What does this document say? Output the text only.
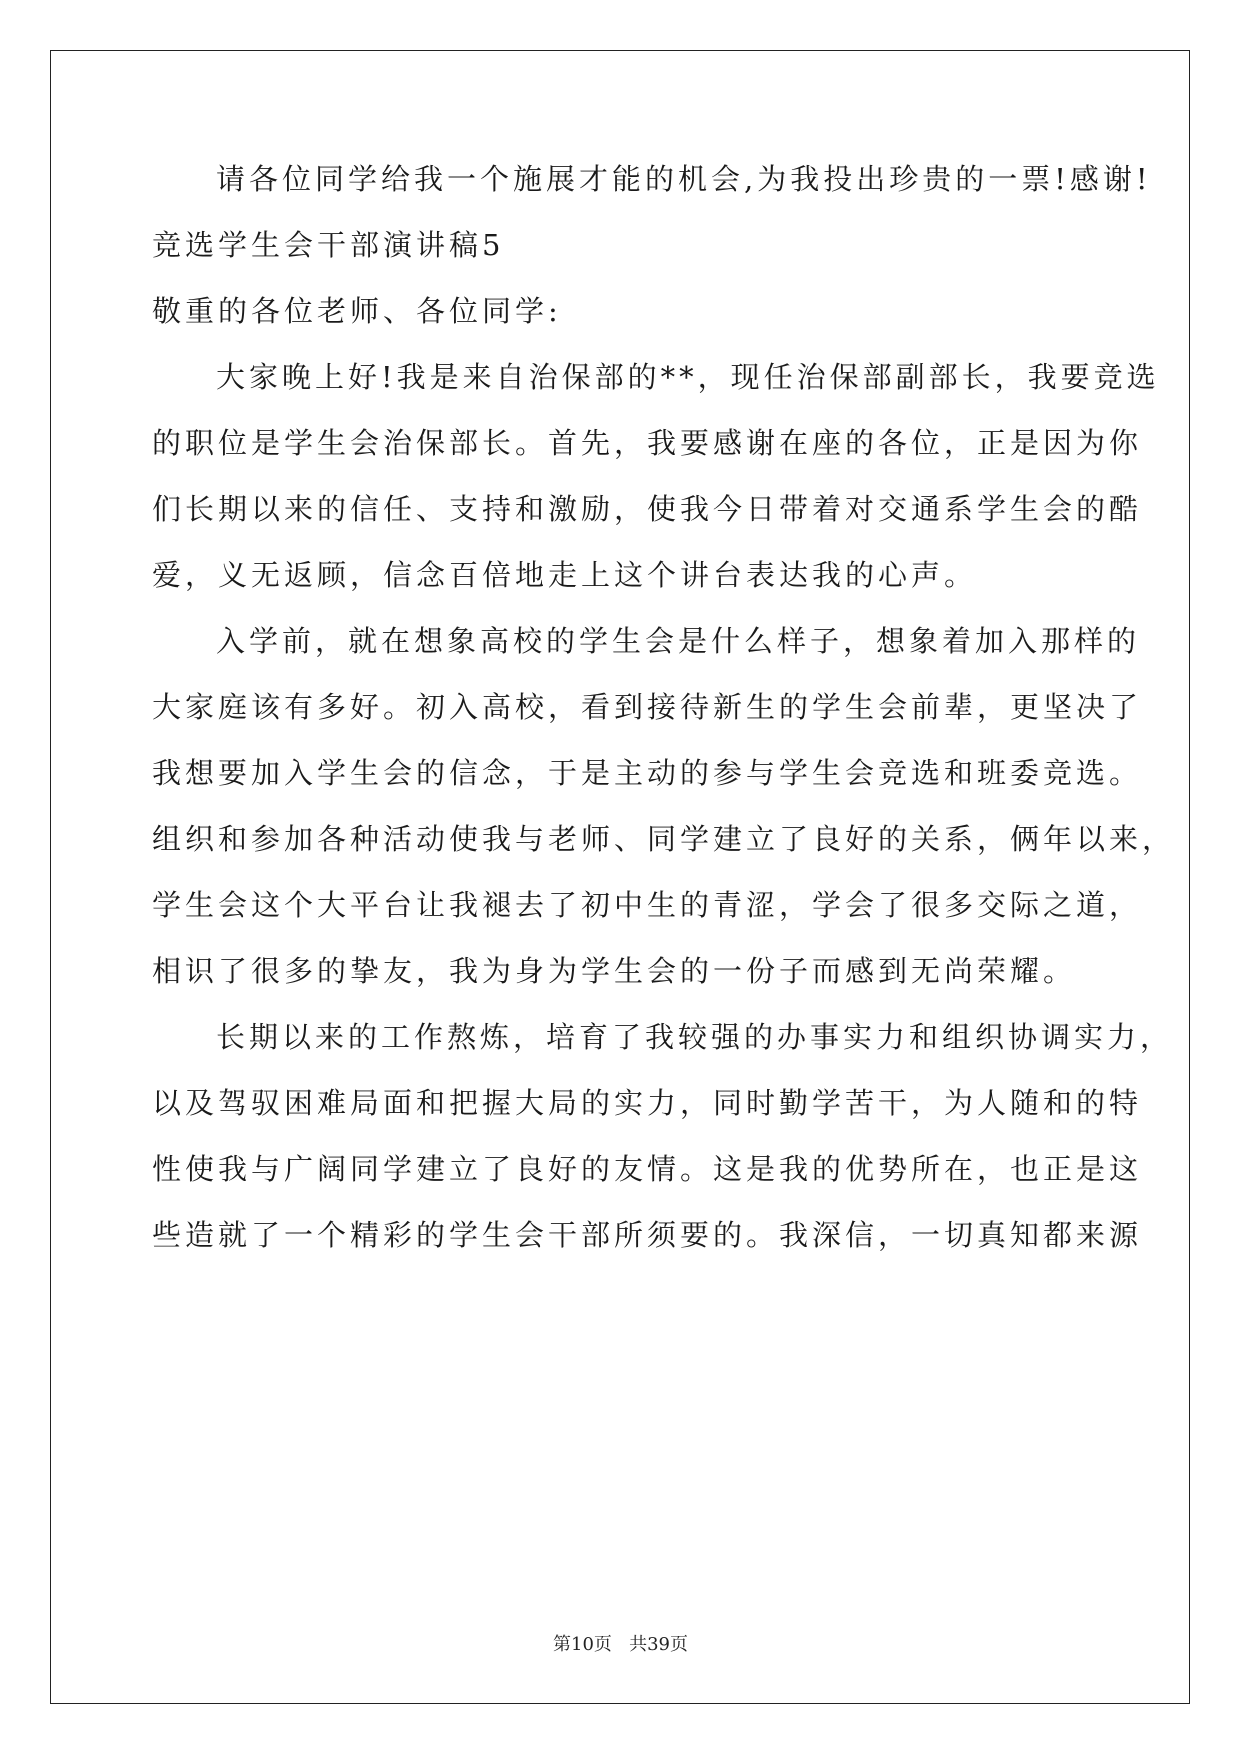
请各位同学给我一个施展才能的机会,为我投出珍贵的一票!感谢!

竞选学生会干部演讲稿5

敬重的各位老师、各位同学:

大家晚上好!我是来自治保部的**，现任治保部副部长，我要竞选

的职位是学生会治保部长。首先，我要感谢在座的各位，正是因为你

们长期以来的信任、支持和激励，使我今日带着对交通系学生会的酷

爱，义无返顾，信念百倍地走上这个讲台表达我的心声。

入学前，就在想象高校的学生会是什么样子，想象着加入那样的

大家庭该有多好。初入高校，看到接待新生的学生会前辈，更坚决了

我想要加入学生会的信念，于是主动的参与学生会竞选和班委竞选。

组织和参加各种活动使我与老师、同学建立了良好的关系，俩年以来，

学生会这个大平台让我褪去了初中生的青涩，学会了很多交际之道，

相识了很多的挚友，我为身为学生会的一份子而感到无尚荣耀。

长期以来的工作熬炼，培育了我较强的办事实力和组织协调实力，

以及驾驭困难局面和把握大局的实力，同时勤学苦干，为人随和的特

性使我与广阔同学建立了良好的友情。这是我的优势所在，也正是这

些造就了一个精彩的学生会干部所须要的。我深信，一切真知都来源

第10页   共39页
